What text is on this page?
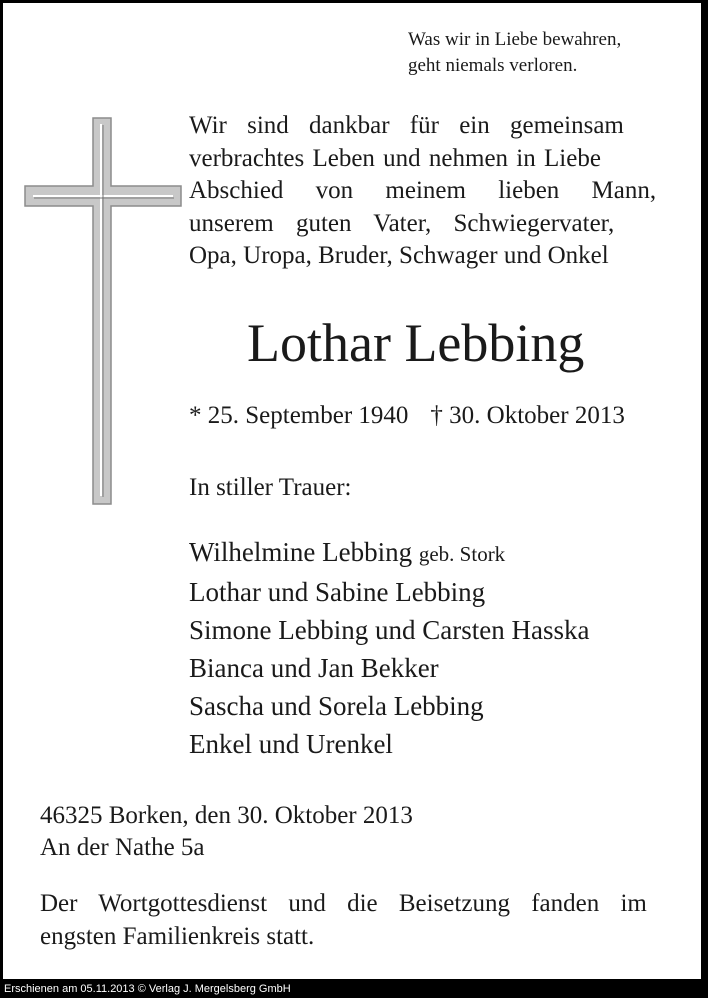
Was wir in Liebe bewahren,

geht niemals verloren.

Wir sind dankbar für ein gemeinsam
verbrachtes Leben und nehmen in Liebe
Abschied von meinem lieben Mann,
unserem guten Vater, Schwiegervater,
Opa, Uropa, Bruder, Schwager und Onkel
Lothar Lebbing

* 25. September 1940 † 30. Oktober 2013

In stiller Trauer:

Wilhelmine Lebbing geb. Stork
Lothar und Sabine Lebbing
Simone Lebbing und Carsten Hasska
Bianca und Jan Bekker
Sascha und Sorela Lebbing
Enkel und Urenkel
46325 Borken, den 30. Oktober 2013
An der Nathe 5a
Der Wortgottesdienst und die Beisetzung fanden im
engsten Familienkreis statt.
Erschienen am 05.11.2013 © Verlag J. Mergelsberg GmbH
